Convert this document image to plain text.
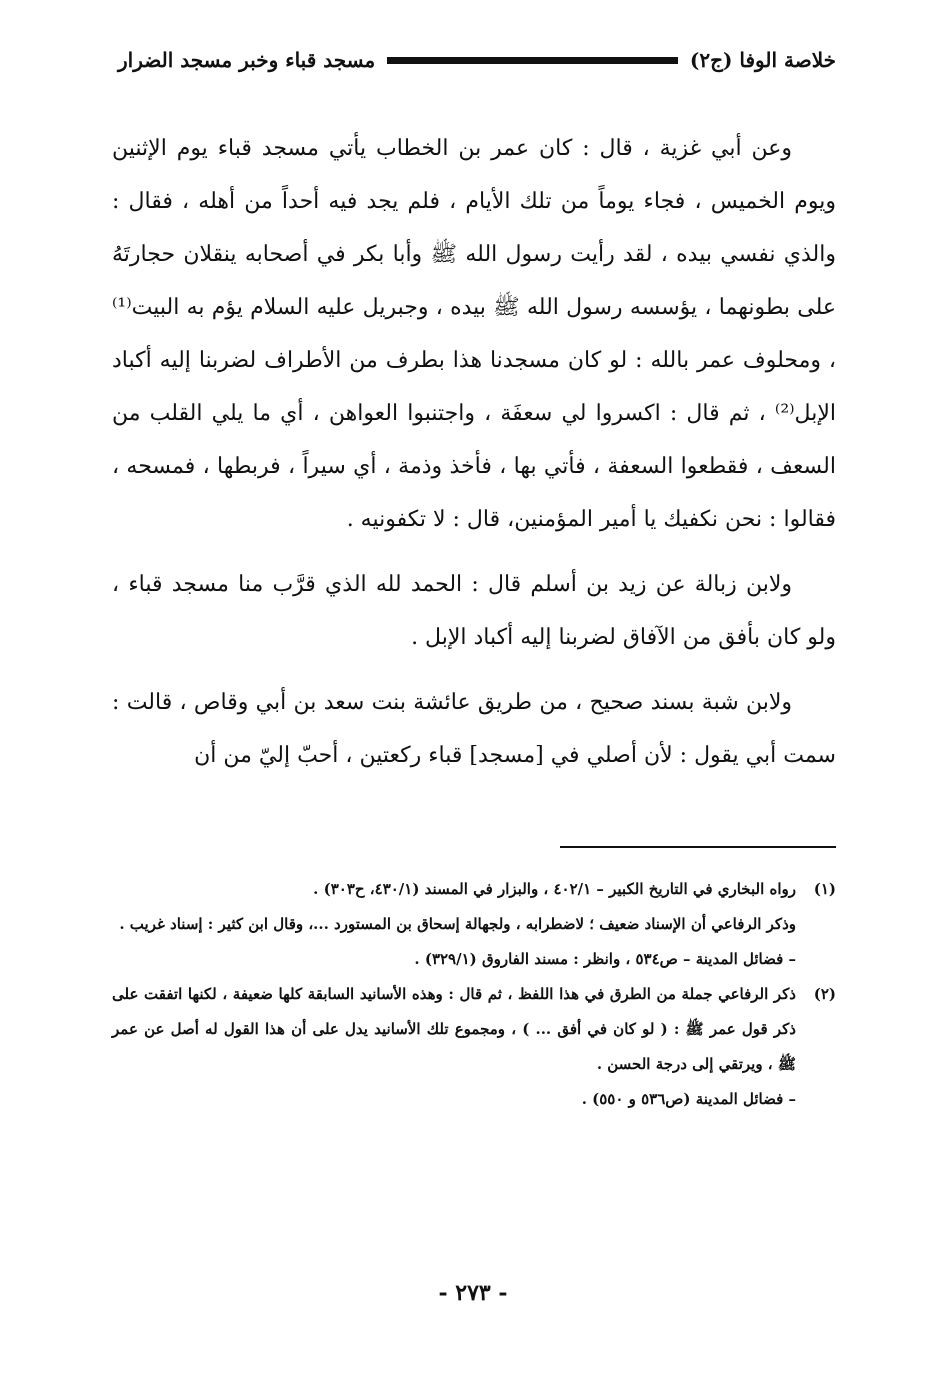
خلاصة الوفا (ج٢)
مسجد قباء وخبر مسجد الضرار

وعن أبي غزية ، قال : كان عمر بن الخطاب يأتي مسجد قباء يوم الإثنين ويوم الخميس ، فجاء يوماً من تلك الأيام ، فلم يجد فيه أحداً من أهله ، فقال : والذي نفسي بيده ، لقد رأيت رسول الله ﷺ وأبا بكر في أصحابه ينقلان حجارتَهُ على بطونهما ، يؤسسه رسول الله ﷺ بيده ، وجبريل عليه السلام يؤم به البيت⁽¹⁾ ، ومحلوف عمر بالله : لو كان مسجدنا هذا بطرف من الأطراف لضربنا إليه أكباد الإبل⁽²⁾ ، ثم قال : اكسروا لي سعفَة ، واجتنبوا العواهن ، أي ما يلي القلب من السعف ، فقطعوا السعفة ، فأتي بها ، فأخذ وذمة ، أي سيراً ، فربطها ، فمسحه ، فقالوا : نحن نكفيك يا أمير المؤمنين، قال : لا تكفونيه .

ولابن زبالة عن زيد بن أسلم قال : الحمد لله الذي قرَّب منا مسجد قباء ، ولو كان بأفق من الآفاق لضربنا إليه أكباد الإبل .

ولابن شبة بسند صحيح ، من طريق عائشة بنت سعد بن أبي وقاص ، قالت : سمت أبي يقول : لأن أصلي في [مسجد] قباء ركعتين ، أحبّ إليّ من أن

(١)
رواه البخاري في التاريخ الكبير – ٤٠٢/١ ، والبزار في المسند (٤٣٠/١، ح٣٠٣) .
وذكر الرفاعي أن الإسناد ضعيف ؛ لاضطرابه ، ولجهالة إسحاق بن المستورد ...، وقال ابن كثير : إسناد غريب .
– فضائل المدينة – ص٥٣٤ ، وانظر : مسند الفاروق (٣٢٩/١) .
(٢)
ذكر الرفاعي جملة من الطرق في هذا اللفظ ، ثم قال : وهذه الأسانيد السابقة كلها ضعيفة ، لكنها اتفقت على ذكر قول عمر ﷺ : ( لو كان في أفق ... ) ، ومجموع تلك الأسانيد يدل على أن هذا القول له أصل عن عمر ﷺ ، ويرتقي إلى درجة الحسن .
– فضائل المدينة (ص٥٣٦ و ٥٥٠) .
- ٢٧٣ -
